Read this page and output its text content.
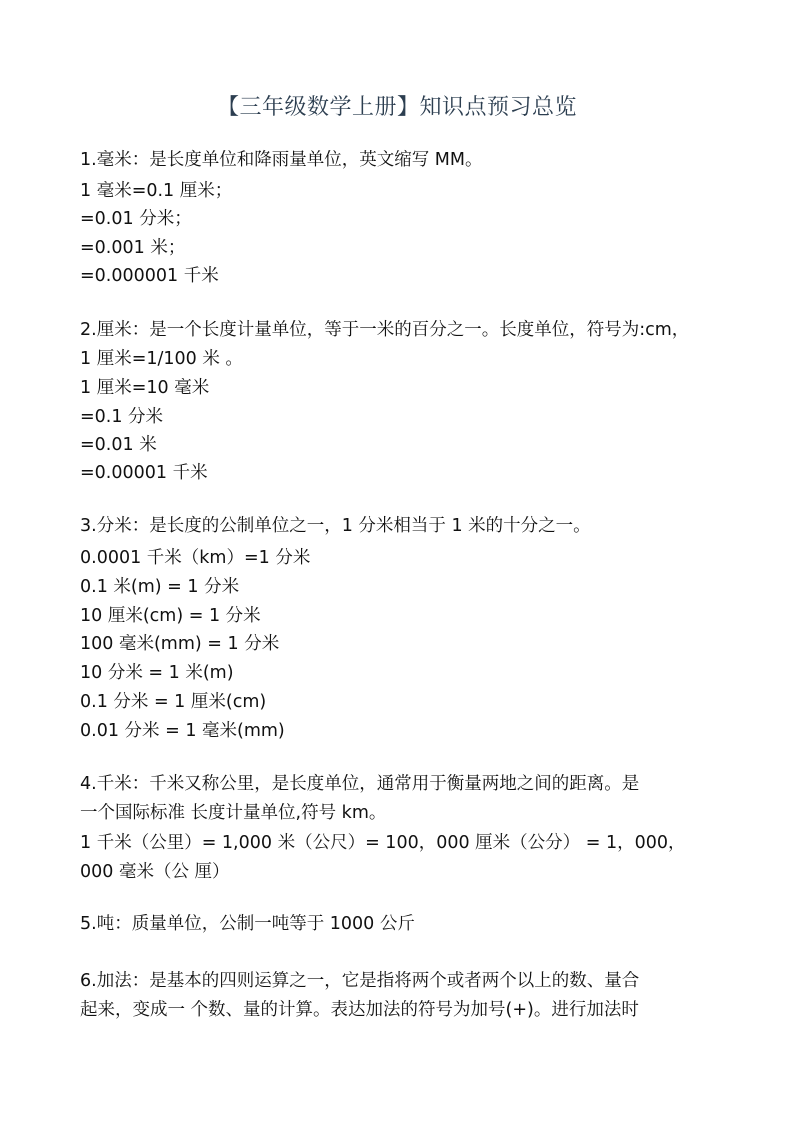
【三年级数学上册】知识点预习总览
1.毫米：是长度单位和降雨量单位，英文缩写 MM。
1 毫米=0.1 厘米；
=0.01 分米；
=0.001 米；
=0.000001 千米
2.厘米：是一个长度计量单位，等于一米的百分之一。长度单位，符号为:cm，
1 厘米=1/100 米 。
1 厘米=10 毫米
=0.1 分米
=0.01 米
=0.00001 千米
3.分米：是长度的公制单位之一，1 分米相当于 1 米的十分之一。
0.0001 千米（km）=1 分米
0.1 米(m) = 1 分米
10 厘米(cm) = 1 分米
100 毫米(mm) = 1 分米
10 分米 = 1 米(m)
0.1 分米 = 1 厘米(cm)
0.01 分米 = 1 毫米(mm)
4.千米：千米又称公里，是长度单位，通常用于衡量两地之间的距离。是
一个国际标准 长度计量单位,符号 km。
1 千米（公里）= 1,000 米（公尺）= 100，000 厘米（公分） = 1，000，
000 毫米（公 厘）
5.吨：质量单位，公制一吨等于 1000 公斤
6.加法：是基本的四则运算之一，它是指将两个或者两个以上的数、量合
起来，变成一 个数、量的计算。表达加法的符号为加号(+)。进行加法时
